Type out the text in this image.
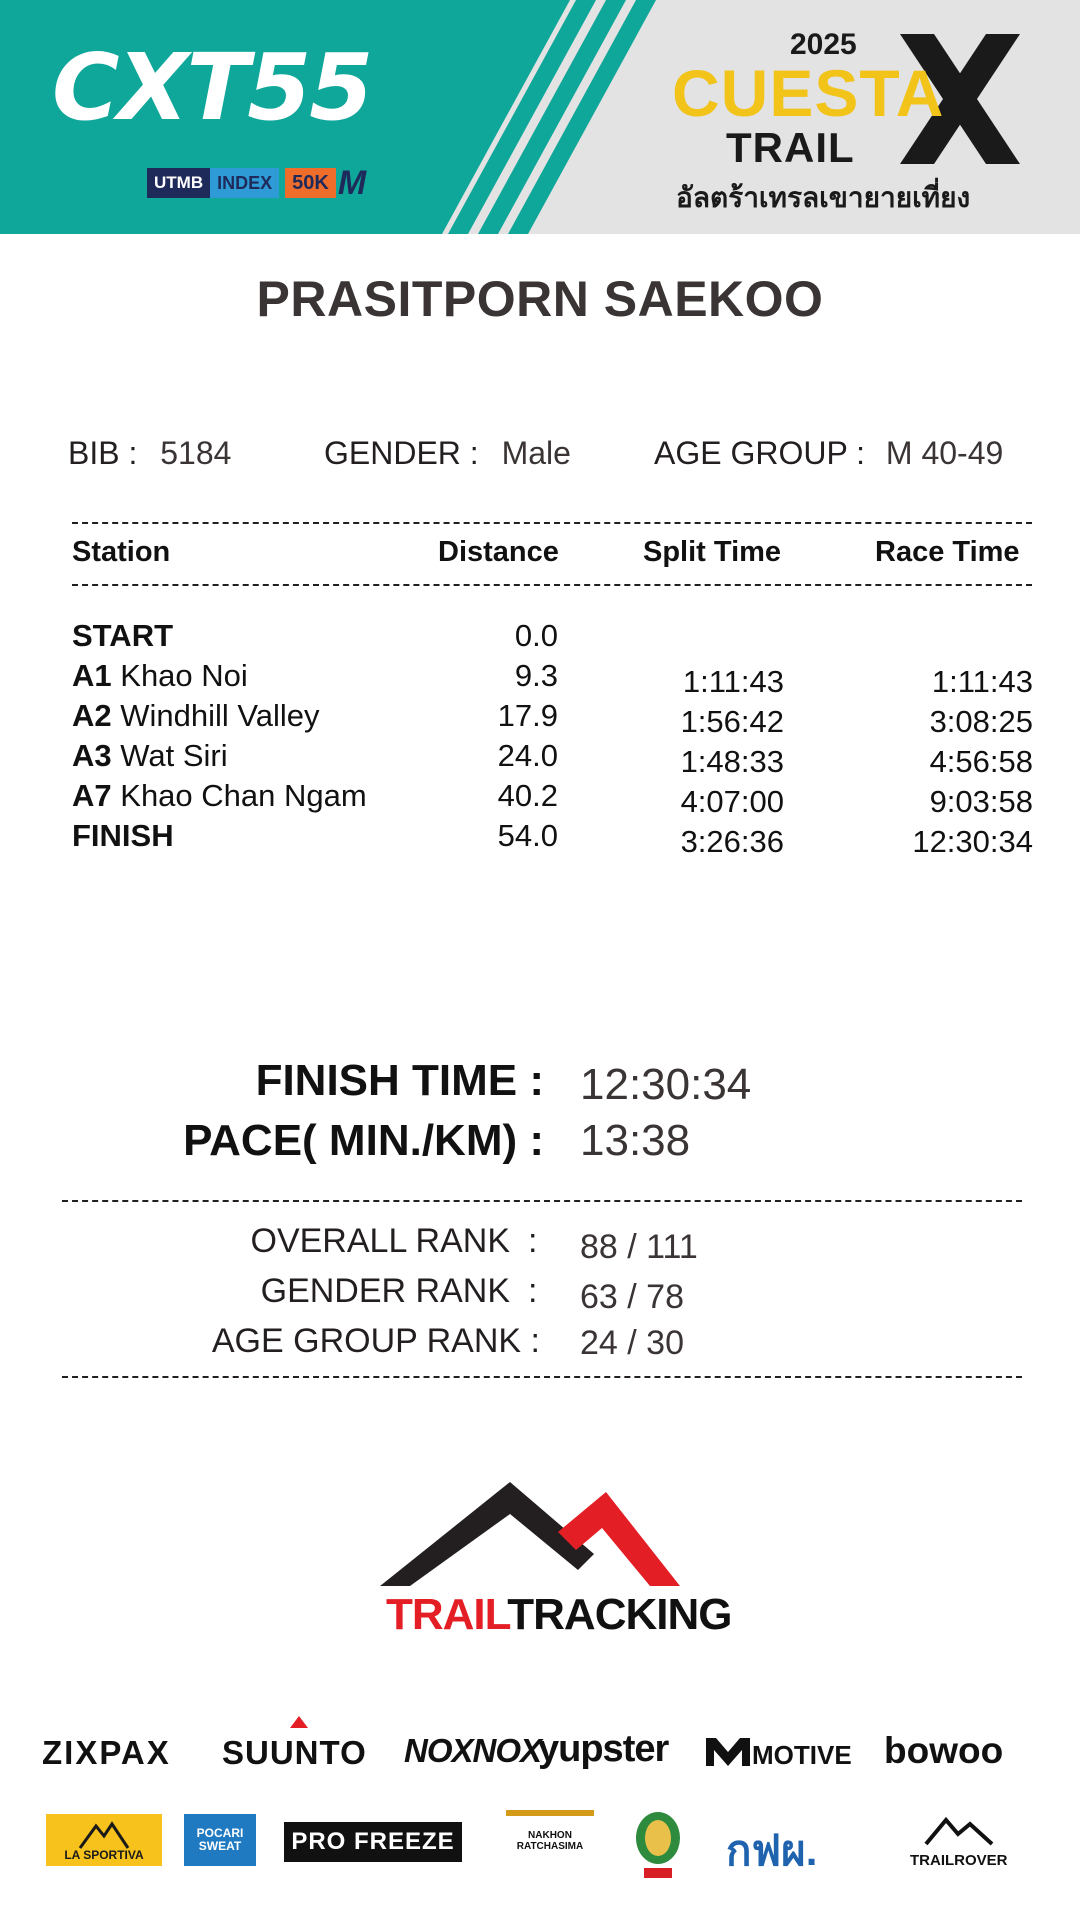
CXT55
UTMB INDEX	50K M
2025
CUESTA
TRAIL
อัลตร้าเทรลเขายายเที่ยง
PRASITPORN SAEKOO
BIB : 5184	GENDER : Male	AGE GROUP : M 40-49
Station	Distance	Split Time	Race Time
START	0.0
A1 Khao Noi	9.3	1:11:43	1:11:43
A2 Windhill Valley	17.9	1:56:42	3:08:25
A3 Wat Siri	24.0	1:48:33	4:56:58
A7 Khao Chan Ngam	40.2	4:07:00	9:03:58
FINISH	54.0	3:26:36	12:30:34
FINISH TIME : 12:30:34
PACE( MIN./KM) : 13:38
OVERALL RANK : 88 / 111
GENDER RANK : 63 / 78
AGE GROUP RANK : 24 / 30
TRAILTRACKING
ZIXPAX SUUNTO NOXNOX
yupster	MOTIVE bowoo
LA SPORTIVA
POCARI SWEAT	PRO FREEZE	NAKHON RATCHASIMA	กฟผ.	TRAILROVER
